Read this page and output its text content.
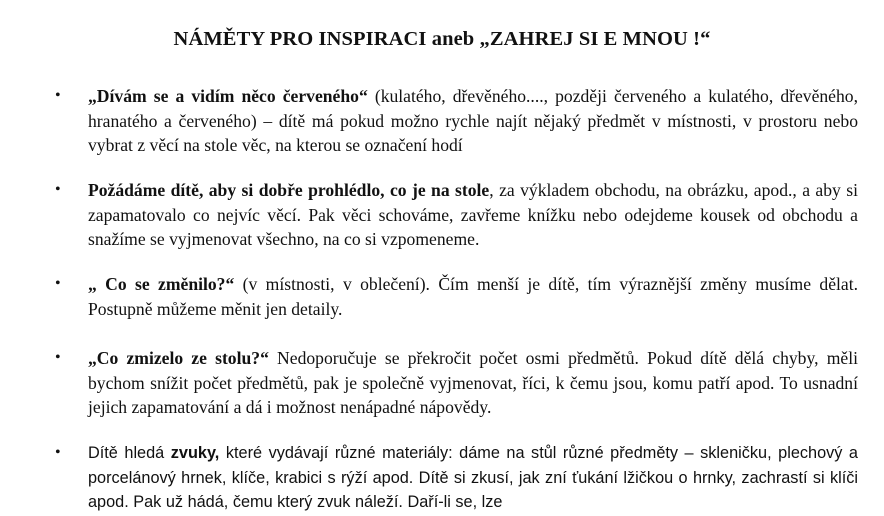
NÁMĚTY PRO INSPIRACI aneb „ZAHREJ SI E MNOU !“
• „Dívám se a vidím něco červeného“ (kulatého, dřevěného...., později červeného a kulatého, dřevěného, hranatého a červeného) – dítě má pokud možno rychle najít nějaký předmět v místnosti, v prostoru nebo vybrat z věcí na stole věc, na kterou se označení hodí
• Požádáme dítě, aby si dobře prohlédlo, co je na stole, za výkladem obchodu, na obrázku, apod., a aby si zapamatovalo co nejvíc věcí. Pak věci schováme, zavřeme knížku nebo odejdeme kousek od obchodu a snažíme se vyjmenovat všechno, na co si vzpomeneme.
• „ Co se změnilo?“ (v místnosti, v oblečení). Čím menší je dítě, tím výraznější změny musíme dělat. Postupně můžeme měnit jen detaily.
• „Co zmizelo ze stolu?“ Nedoporučuje se překročit počet osmi předmětů. Pokud dítě dělá chyby, měli bychom snížit počet předmětů, pak je společně vyjmenovat, říci, k čemu jsou, komu patří apod. To usnadní jejich zapamatování a dá i možnost nenápadné nápovědy.
• Dítě hledá zvuky, které vydávají různé materiály: dáme na stůl různé předměty – skleničku, plechový a porcelánový hrnek, klíče, krabici s rýží apod. Dítě si zkusí, jak zní ťukání lžičkou o hrnky, zachrastí si klíči apod. Pak už hádá, čemu který zvuk náleží. Daří-li se, lze
